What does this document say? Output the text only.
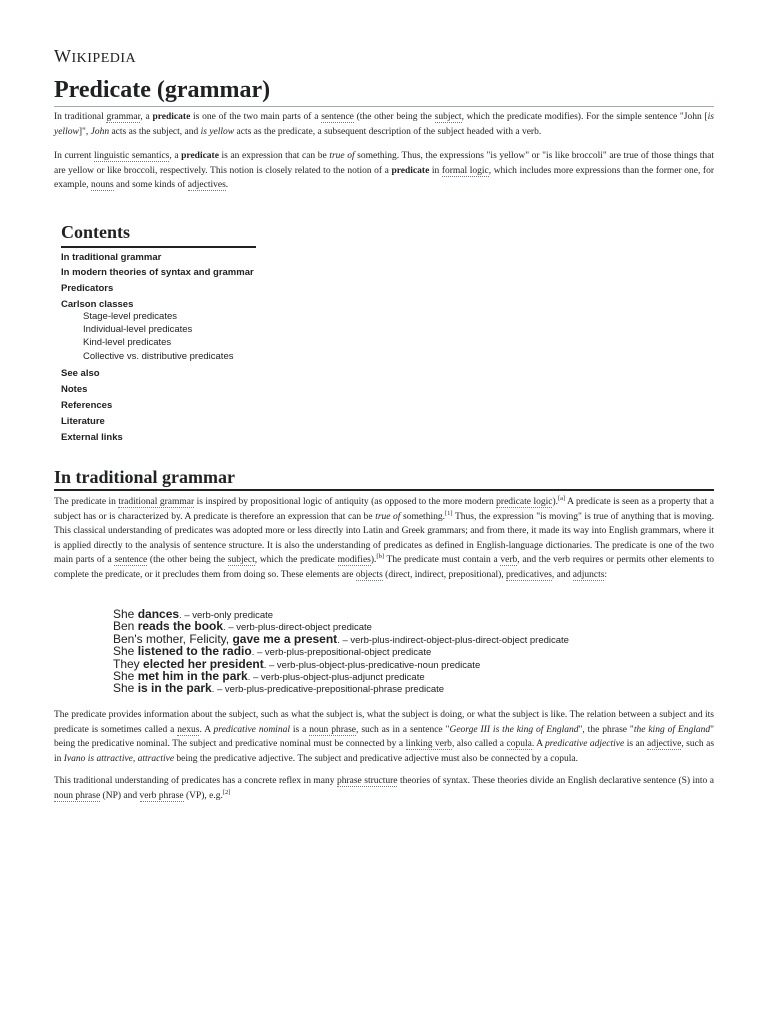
WIKIPEDIA
Predicate (grammar)

In traditional grammar, a predicate is one of the two main parts of a sentence (the other being the subject, which the predicate modifies). For the simple sentence "John [is yellow]", John acts as the subject, and is yellow acts as the predicate, a subsequent description of the subject headed with a verb.

In current linguistic semantics, a predicate is an expression that can be true of something. Thus, the expressions "is yellow" or "is like broccoli" are true of those things that are yellow or like broccoli, respectively. This notion is closely related to the notion of a predicate in formal logic, which includes more expressions than the former one, for example, nouns and some kinds of adjectives.

Contents
In traditional grammar
In modern theories of syntax and grammar
Predicators
Carlson classes
Stage-level predicates
Individual-level predicates
Kind-level predicates
Collective vs. distributive predicates
See also
Notes
References
Literature
External links
In traditional grammar

The predicate in traditional grammar is inspired by propositional logic of antiquity (as opposed to the more modern predicate logic).[a] A predicate is seen as a property that a subject has or is characterized by. A predicate is therefore an expression that can be true of something.[1] Thus, the expression "is moving" is true of anything that is moving. This classical understanding of predicates was adopted more or less directly into Latin and Greek grammars; and from there, it made its way into English grammars, where it is applied directly to the analysis of sentence structure. It is also the understanding of predicates as defined in English-language dictionaries. The predicate is one of the two main parts of a sentence (the other being the subject, which the predicate modifies).[b] The predicate must contain a verb, and the verb requires or permits other elements to complete the predicate, or it precludes them from doing so. These elements are objects (direct, indirect, prepositional), predicatives, and adjuncts:

She dances. – verb-only predicate
Ben reads the book. – verb-plus-direct-object predicate
Ben's mother, Felicity, gave me a present. – verb-plus-indirect-object-plus-direct-object predicate
She listened to the radio. – verb-plus-prepositional-object predicate
They elected her president. – verb-plus-object-plus-predicative-noun predicate
She met him in the park. – verb-plus-object-plus-adjunct predicate
She is in the park. – verb-plus-predicative-prepositional-phrase predicate

The predicate provides information about the subject, such as what the subject is, what the subject is doing, or what the subject is like. The relation between a subject and its predicate is sometimes called a nexus. A predicative nominal is a noun phrase, such as in a sentence "George III is the king of England", the phrase "the king of England" being the predicative nominal. The subject and predicative nominal must be connected by a linking verb, also called a copula. A predicative adjective is an adjective, such as in Ivano is attractive, attractive being the predicative adjective. The subject and predicative adjective must also be connected by a copula.

This traditional understanding of predicates has a concrete reflex in many phrase structure theories of syntax. These theories divide an English declarative sentence (S) into a noun phrase (NP) and verb phrase (VP), e.g.[2]
